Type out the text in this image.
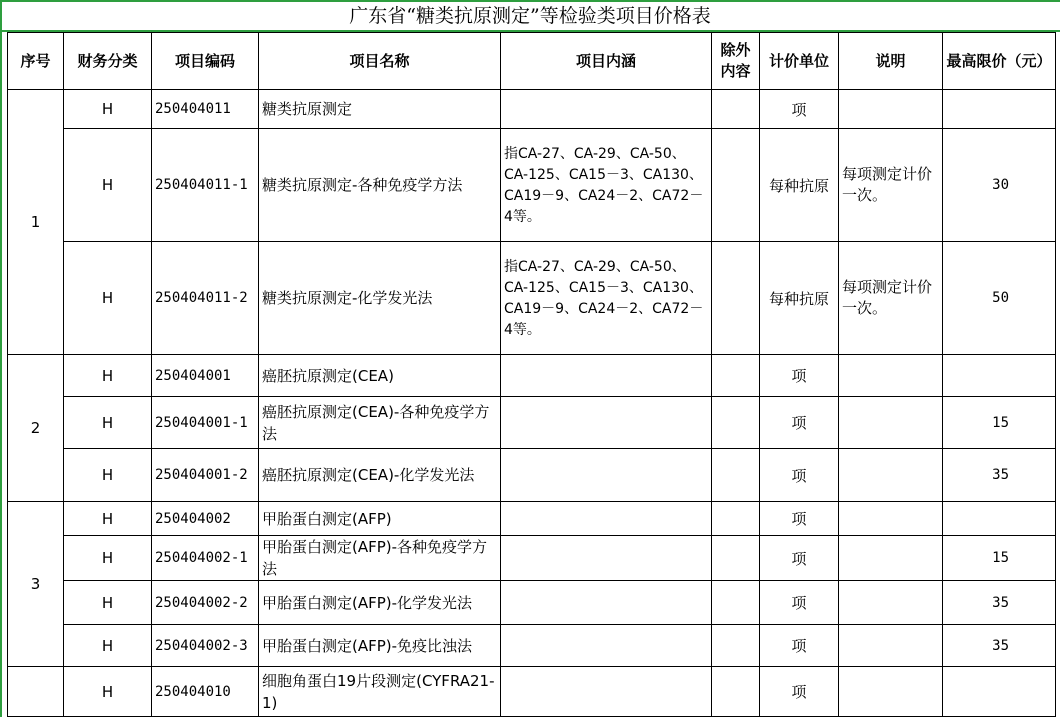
广东省“糖类抗原测定”等检验类项目价格表
序号	财务分类	项目编码	项目名称	项目内涵	除外内容	计价单位	说明	最高限价（元）
1	H	250404011	糖类抗原测定			项		
	H	250404011-1	糖类抗原测定-各种免疫学方法	指CA-27、CA-29、CA-50、CA-125、CA15－3、CA130、CA19－9、CA24－2、CA72－4等。		每种抗原	每项测定计价一次。	30
	H	250404011-2	糖类抗原测定-化学发光法	指CA-27、CA-29、CA-50、CA-125、CA15－3、CA130、CA19－9、CA24－2、CA72－4等。		每种抗原	每项测定计价一次。	50
2	H	250404001	癌胚抗原测定(CEA)			项		
	H	250404001-1	癌胚抗原测定(CEA)-各种免疫学方法			项		15
	H	250404001-2	癌胚抗原测定(CEA)-化学发光法			项		35
3	H	250404002	甲胎蛋白测定(AFP)			项		
	H	250404002-1	甲胎蛋白测定(AFP)-各种免疫学方法			项		15
	H	250404002-2	甲胎蛋白测定(AFP)-化学发光法			项		35
	H	250404002-3	甲胎蛋白测定(AFP)-免疫比浊法			项		35
	H	250404010	细胞角蛋白19片段测定(CYFRA21-1)			项		
